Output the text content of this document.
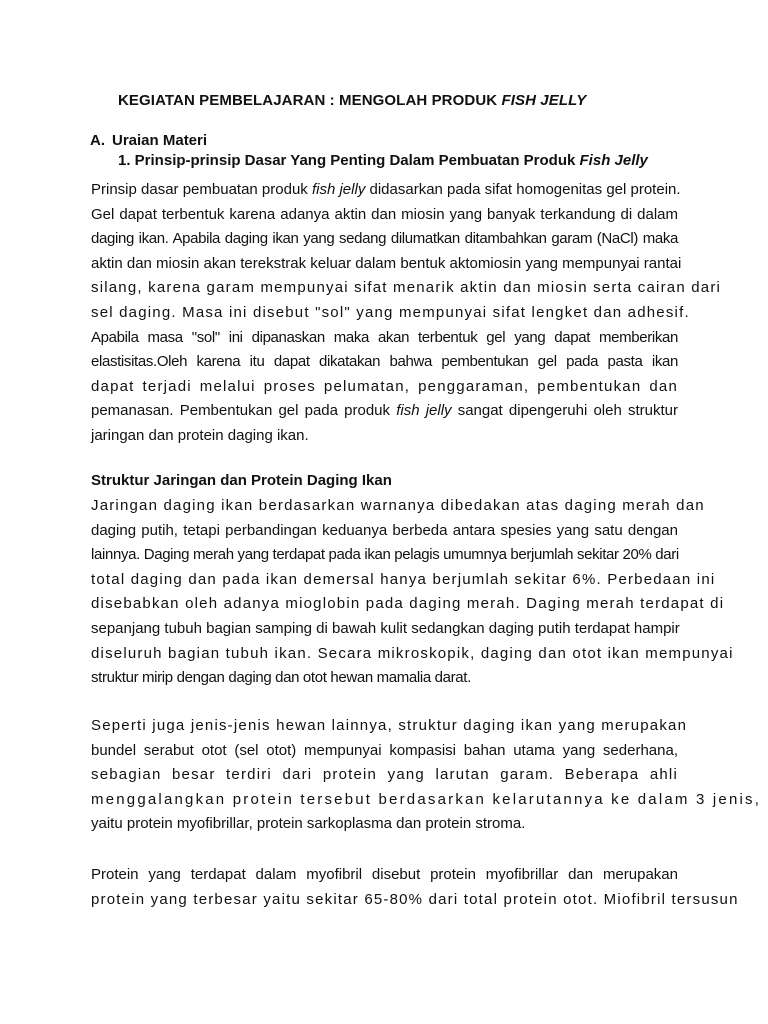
KEGIATAN PEMBELAJARAN : MENGOLAH PRODUK FISH JELLY
A. Uraian Materi
1. Prinsip-prinsip Dasar Yang Penting Dalam Pembuatan Produk Fish Jelly
Prinsip dasar pembuatan produk fish jelly didasarkan pada sifat homogenitas gel protein.
Gel dapat terbentuk karena adanya aktin dan miosin yang banyak terkandung di dalam
daging ikan. Apabila daging ikan yang sedang dilumatkan ditambahkan garam (NaCl) maka
aktin dan miosin akan terekstrak keluar dalam bentuk aktomiosin yang mempunyai rantai
silang, karena garam mempunyai sifat menarik aktin dan miosin serta cairan dari
sel daging. Masa ini disebut "sol" yang mempunyai sifat lengket dan adhesif.
Apabila masa "sol" ini dipanaskan maka akan terbentuk gel yang dapat memberikan
elastisitas.Oleh karena itu dapat dikatakan bahwa pembentukan gel pada pasta ikan
dapat terjadi melalui proses pelumatan, penggaraman, pembentukan dan
pemanasan. Pembentukan gel pada produk fish jelly sangat dipengeruhi oleh struktur
jaringan dan protein daging ikan.
Struktur Jaringan dan Protein Daging Ikan
Jaringan daging ikan berdasarkan warnanya dibedakan atas daging merah dan
daging putih, tetapi perbandingan keduanya berbeda antara spesies yang satu dengan
lainnya. Daging merah yang terdapat pada ikan pelagis umumnya berjumlah sekitar 20% dari
total daging dan pada ikan demersal hanya berjumlah sekitar 6%. Perbedaan ini
disebabkan oleh adanya mioglobin pada daging merah. Daging merah terdapat di
sepanjang tubuh bagian samping di bawah kulit sedangkan daging putih terdapat hampir
diseluruh bagian tubuh ikan. Secara mikroskopik, daging dan otot ikan mempunyai
struktur mirip dengan daging dan otot hewan mamalia darat.
Seperti juga jenis-jenis hewan lainnya, struktur daging ikan yang merupakan
bundel serabut otot (sel otot) mempunyai kompasisi bahan utama yang sederhana,
sebagian besar terdiri dari protein yang larutan garam. Beberapa ahli
menggalangkan protein tersebut berdasarkan kelarutannya ke dalam 3 jenis,
yaitu protein myofibrillar, protein sarkoplasma dan protein stroma.
Protein yang terdapat dalam myofibril disebut protein myofibrillar dan merupakan
protein yang terbesar yaitu sekitar 65-80% dari total protein otot. Miofibril tersusun
